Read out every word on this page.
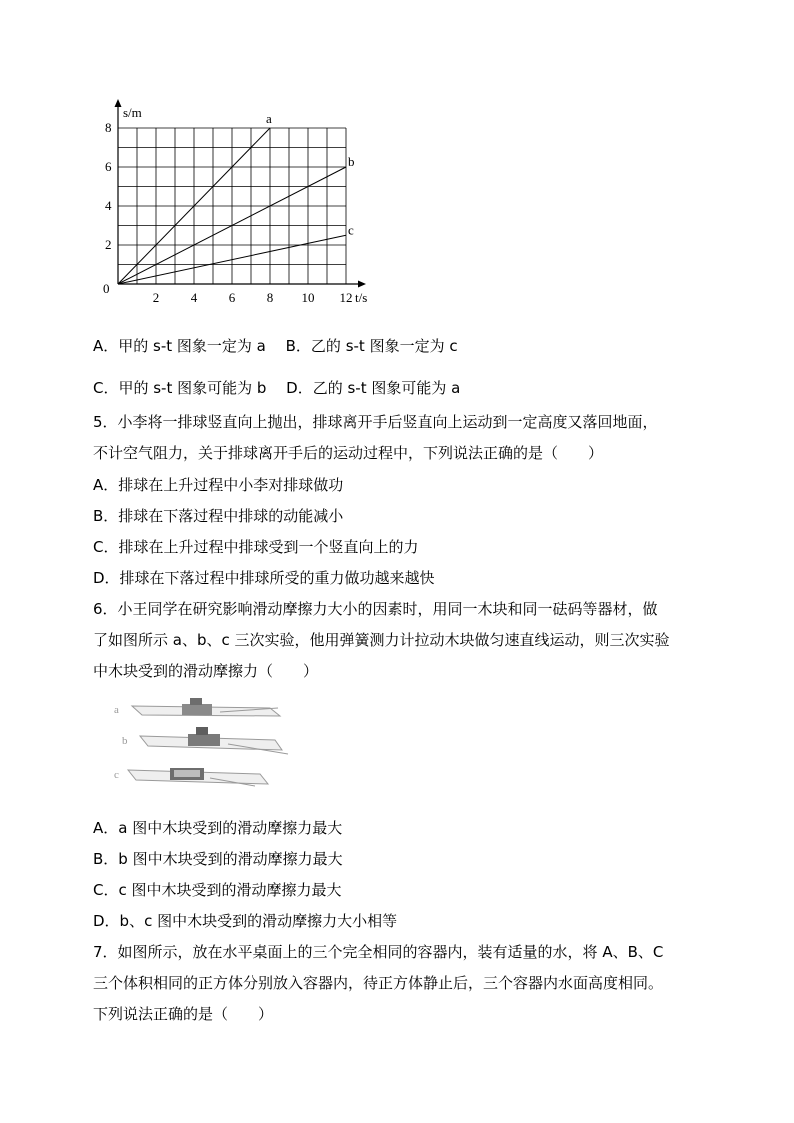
s/m
t/s
0
2 4 6 8 10 12
2
4
6
8
a
b
c
A．甲的 s-t 图象一定为 a　 B．乙的 s-t 图象一定为 c
C．甲的 s-t 图象可能为 b　 D．乙的 s-t 图象可能为 a
5．小李将一排球竖直向上抛出，排球离开手后竖直向上运动到一定高度又落回地面，
不计空气阻力，关于排球离开手后的运动过程中，下列说法正确的是（　　）
A．排球在上升过程中小李对排球做功
B．排球在下落过程中排球的动能减小
C．排球在上升过程中排球受到一个竖直向上的力
D．排球在下落过程中排球所受的重力做功越来越快
6．小王同学在研究影响滑动摩擦力大小的因素时，用同一木块和同一砝码等器材，做
了如图所示 a、b、c 三次实验，他用弹簧测力计拉动木块做匀速直线运动，则三次实验
中木块受到的滑动摩擦力（　　）
a
b
c
A．a 图中木块受到的滑动摩擦力最大
B．b 图中木块受到的滑动摩擦力最大
C．c 图中木块受到的滑动摩擦力最大
D．b、c 图中木块受到的滑动摩擦力大小相等
7．如图所示，放在水平桌面上的三个完全相同的容器内，装有适量的水，将 A、B、C
三个体积相同的正方体分别放入容器内，待正方体静止后，三个容器内水面高度相同。
下列说法正确的是（　　）
